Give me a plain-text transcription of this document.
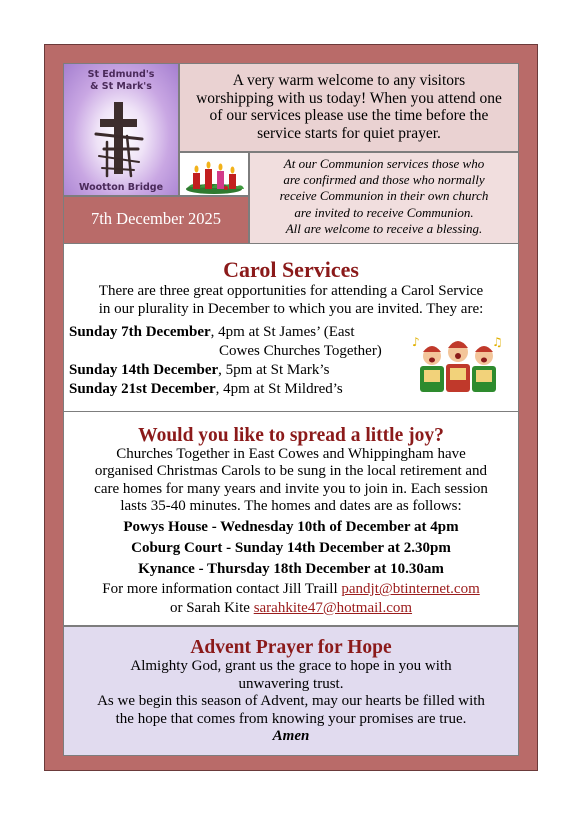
St Edmund's
& St Mark's
Wootton Bridge
A very warm welcome to any visitors
worshipping with us today! When you attend one
of our services please use the time before the
service starts for quiet prayer.
At our Communion services those who
are confirmed and those who normally
receive Communion in their own church
are invited to receive Communion.
All are welcome to receive a blessing.
7th December 2025
Carol Services
There are three great opportunities for attending a Carol Service
in our plurality in December to which you are invited. They are:
Sunday 7th December, 4pm at St James’ (East
Cowes Churches Together)
Sunday 14th December, 5pm at St Mark’s
Sunday 21st December, 4pm at St Mildred’s
♪	♫
Would you like to spread a little joy?
Churches Together in East Cowes and Whippingham have
organised Christmas Carols to be sung in the local retirement and
care homes for many years and invite you to join in. Each session
lasts 35-40 minutes. The homes and dates are as follows:
Powys House - Wednesday 10th of December at 4pm
Coburg Court - Sunday 14th December at 2.30pm
Kynance - Thursday 18th December at 10.30am
For more information contact Jill Traill pandjt@btinternet.com
or Sarah Kite sarahkite47@hotmail.com
Advent Prayer for Hope
Almighty God, grant us the grace to hope in you with
unwavering trust.
As we begin this season of Advent, may our hearts be filled with
the hope that comes from knowing your promises are true.
Amen
